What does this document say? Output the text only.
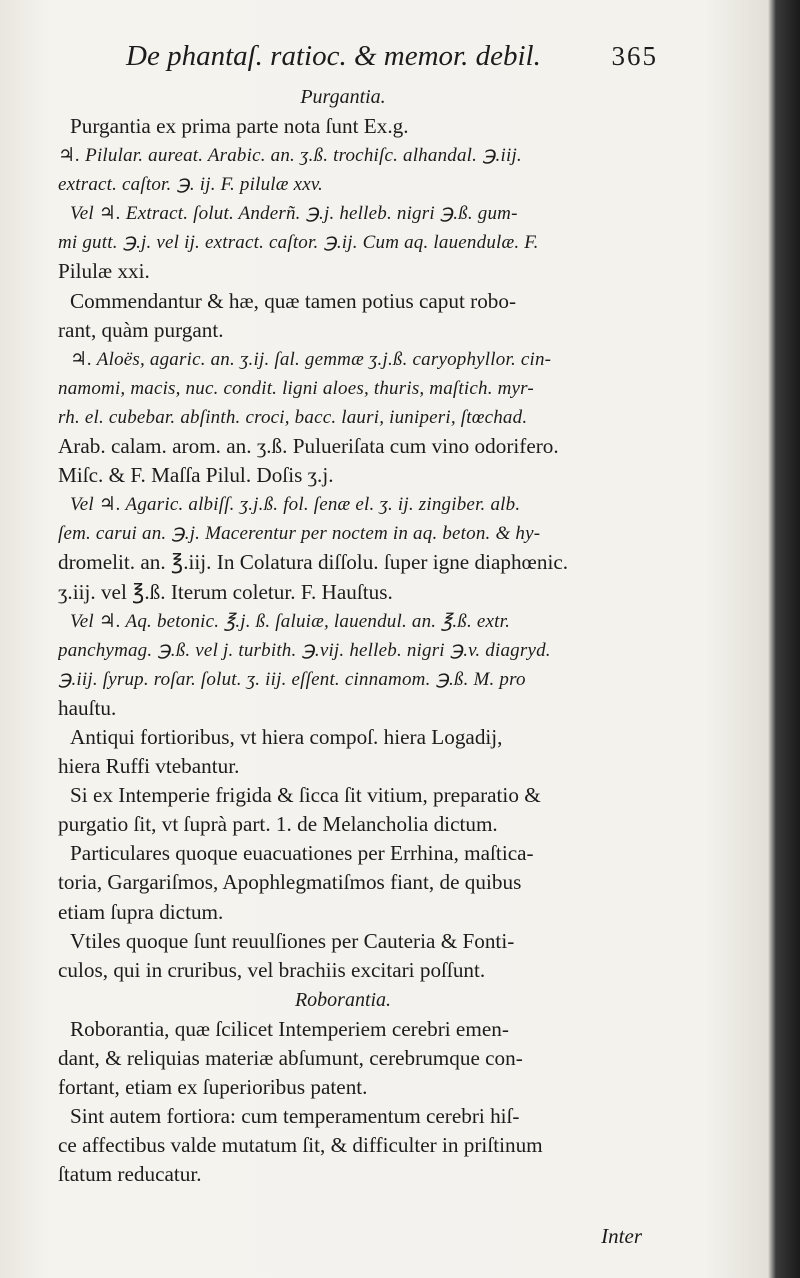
De phantaſ. ratioc. & memor. debil.	365
Purgantia.
Purgantia ex prima parte nota ſunt Ex.g.
♃. Pilular. aureat. Arabic. an. ʒ.ß. trochiſc. alhandal. ℈.iij.
extract. caſtor. ℈. ij. F. pilulæ xxv.
Vel ♃. Extract. ſolut. Anderñ. ℈.j. helleb. nigri ℈.ß. gum-
mi gutt. ℈.j. vel ij. extract. caſtor. ℈.ij. Cum aq. lauendulæ. F.
Pilulæ xxi.
Commendantur & hæ, quæ tamen potius caput robo-
rant, quàm purgant.
♃. Aloës, agaric. an. ʒ.ij. ſal. gemmæ ʒ.j.ß. caryophyllor. cin-
namomi, macis, nuc. condit. ligni aloes, thuris, maſtich. myr-
rh. el. cubebar. abſinth. croci, bacc. lauri, iuniperi, ſtœchad.
Arab. calam. arom. an. ʒ.ß. Pulueriſata cum vino odorifero.
Miſc. & F. Maſſa Pilul. Doſis ʒ.j.
Vel ♃. Agaric. albiſſ. ʒ.j.ß. fol. ſenæ el. ʒ. ij. zingiber. alb.
ſem. carui an. ℈.j. Macerentur per noctem in aq. beton. & hy-
dromelit. an. ℥.iij. In Colatura diſſolu. ſuper igne diaphœnic.
ʒ.iij. vel ℥.ß. Iterum coletur. F. Hauſtus.
Vel ♃. Aq. betonic. ℥.j. ß. ſaluiæ, lauendul. an. ℥.ß. extr.
panchymag. ℈.ß. vel j. turbith. ℈.vij. helleb. nigri ℈.v. diagryd.
℈.iij. ſyrup. roſar. ſolut. ʒ. iij. eſſent. cinnamom. ℈.ß. M. pro
hauſtu.
Antiqui fortioribus, vt hiera compoſ. hiera Logadij,
hiera Ruffi vtebantur.
Si ex Intemperie frigida & ſicca ſit vitium, preparatio &
purgatio ſit, vt ſuprà part. 1. de Melancholia dictum.
Particulares quoque euacuationes per Errhina, maſtica-
toria, Gargariſmos, Apophlegmatiſmos fiant, de quibus
etiam ſupra dictum.
Vtiles quoque ſunt reuulſiones per Cauteria & Fonti-
culos, qui in cruribus, vel brachiis excitari poſſunt.
Roborantia.
Roborantia, quæ ſcilicet Intemperiem cerebri emen-
dant, & reliquias materiæ abſumunt, cerebrumque con-
fortant, etiam ex ſuperioribus patent.
Sint autem fortiora: cum temperamentum cerebri hiſ-
ce affectibus valde mutatum ſit, & difficulter in priſtinum
ſtatum reducatur.
Inter
